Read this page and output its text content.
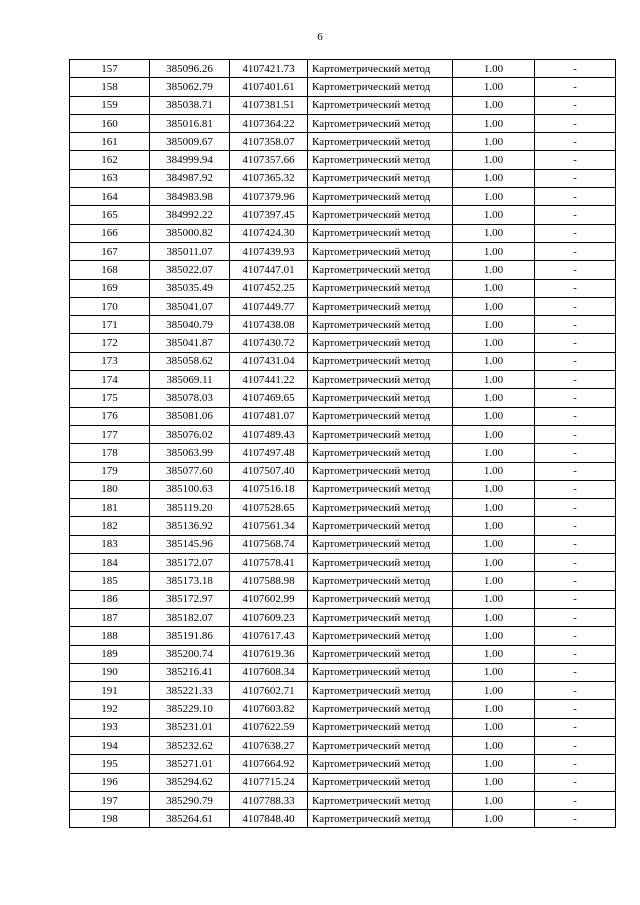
6
157	385096.26	4107421.73	Картометрический метод	1.00	-
158	385062.79	4107401.61	Картометрический метод	1.00	-
159	385038.71	4107381.51	Картометрический метод	1.00	-
160	385016.81	4107364.22	Картометрический метод	1.00	-
161	385009.67	4107358.07	Картометрический метод	1.00	-
162	384999.94	4107357.66	Картометрический метод	1.00	-
163	384987.92	4107365.32	Картометрический метод	1.00	-
164	384983.98	4107379.96	Картометрический метод	1.00	-
165	384992.22	4107397.45	Картометрический метод	1.00	-
166	385000.82	4107424.30	Картометрический метод	1.00	-
167	385011.07	4107439.93	Картометрический метод	1.00	-
168	385022.07	4107447.01	Картометрический метод	1.00	-
169	385035.49	4107452.25	Картометрический метод	1.00	-
170	385041.07	4107449.77	Картометрический метод	1.00	-
171	385040.79	4107438.08	Картометрический метод	1.00	-
172	385041.87	4107430.72	Картометрический метод	1.00	-
173	385058.62	4107431.04	Картометрический метод	1.00	-
174	385069.11	4107441.22	Картометрический метод	1.00	-
175	385078.03	4107469.65	Картометрический метод	1.00	-
176	385081.06	4107481.07	Картометрический метод	1.00	-
177	385076.02	4107489.43	Картометрический метод	1.00	-
178	385063.99	4107497.48	Картометрический метод	1.00	-
179	385077.60	4107507.40	Картометрический метод	1.00	-
180	385100.63	4107516.18	Картометрический метод	1.00	-
181	385119.20	4107528.65	Картометрический метод	1.00	-
182	385136.92	4107561.34	Картометрический метод	1.00	-
183	385145.96	4107568.74	Картометрический метод	1.00	-
184	385172.07	4107578.41	Картометрический метод	1.00	-
185	385173.18	4107588.98	Картометрический метод	1.00	-
186	385172.97	4107602.99	Картометрический метод	1.00	-
187	385182.07	4107609.23	Картометрический метод	1.00	-
188	385191.86	4107617.43	Картометрический метод	1.00	-
189	385200.74	4107619.36	Картометрический метод	1.00	-
190	385216.41	4107608.34	Картометрический метод	1.00	-
191	385221.33	4107602.71	Картометрический метод	1.00	-
192	385229.10	4107603.82	Картометрический метод	1.00	-
193	385231.01	4107622.59	Картометрический метод	1.00	-
194	385232.62	4107638.27	Картометрический метод	1.00	-
195	385271.01	4107664.92	Картометрический метод	1.00	-
196	385294.62	4107715.24	Картометрический метод	1.00	-
197	385290.79	4107788.33	Картометрический метод	1.00	-
198	385264.61	4107848.40	Картометрический метод	1.00	-
